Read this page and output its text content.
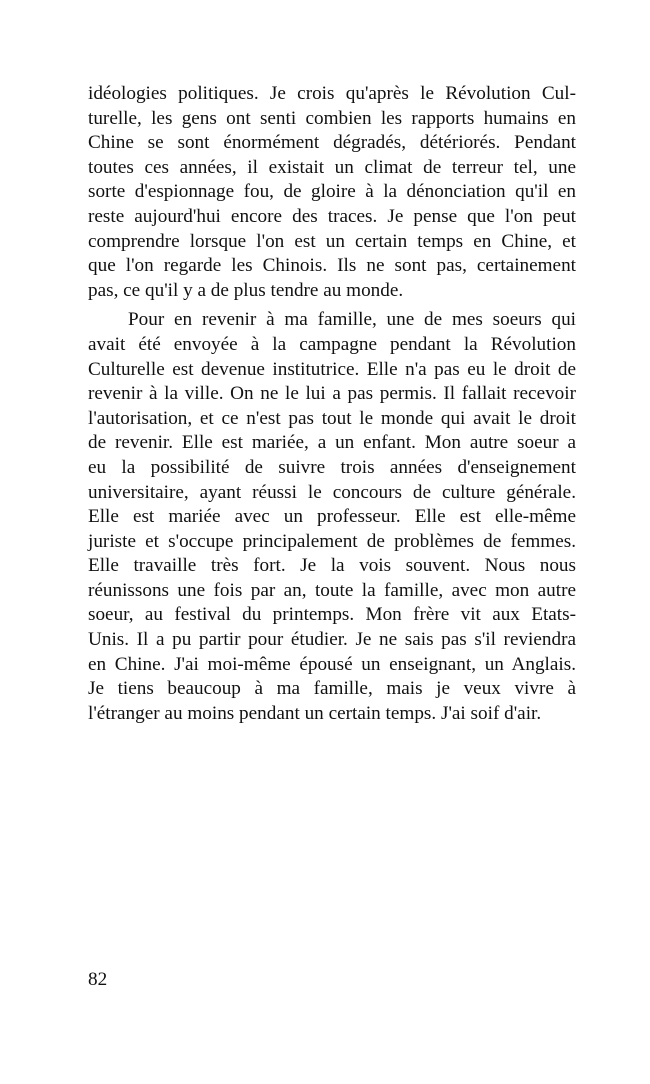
idéologies politiques. Je crois qu'après le Révolution Cul-
turelle, les gens ont senti combien les rapports humains en
Chine se sont énormément dégradés, détériorés. Pendant
toutes ces années, il existait un climat de terreur tel, une
sorte d'espionnage fou, de gloire à la dénonciation qu'il en
reste aujourd'hui encore des traces. Je pense que l'on peut
comprendre lorsque l'on est un certain temps en Chine, et
que l'on regarde les Chinois. Ils ne sont pas, certainement
pas, ce qu'il y a de plus tendre au monde.
Pour en revenir à ma famille, une de mes soeurs qui
avait été envoyée à la campagne pendant la Révolution
Culturelle est devenue institutrice. Elle n'a pas eu le droit de
revenir à la ville. On ne le lui a pas permis. Il fallait recevoir
l'autorisation, et ce n'est pas tout le monde qui avait le droit
de revenir. Elle est mariée, a un enfant. Mon autre soeur a
eu la possibilité de suivre trois années d'enseignement
universitaire, ayant réussi le concours de culture générale.
Elle est mariée avec un professeur. Elle est elle-même
juriste et s'occupe principalement de problèmes de femmes.
Elle travaille très fort. Je la vois souvent. Nous nous
réunissons une fois par an, toute la famille, avec mon autre
soeur, au festival du printemps. Mon frère vit aux Etats-
Unis. Il a pu partir pour étudier. Je ne sais pas s'il reviendra
en Chine. J'ai moi-même épousé un enseignant, un Anglais.
Je tiens beaucoup à ma famille, mais je veux vivre à
l'étranger au moins pendant un certain temps. J'ai soif d'air.
82
